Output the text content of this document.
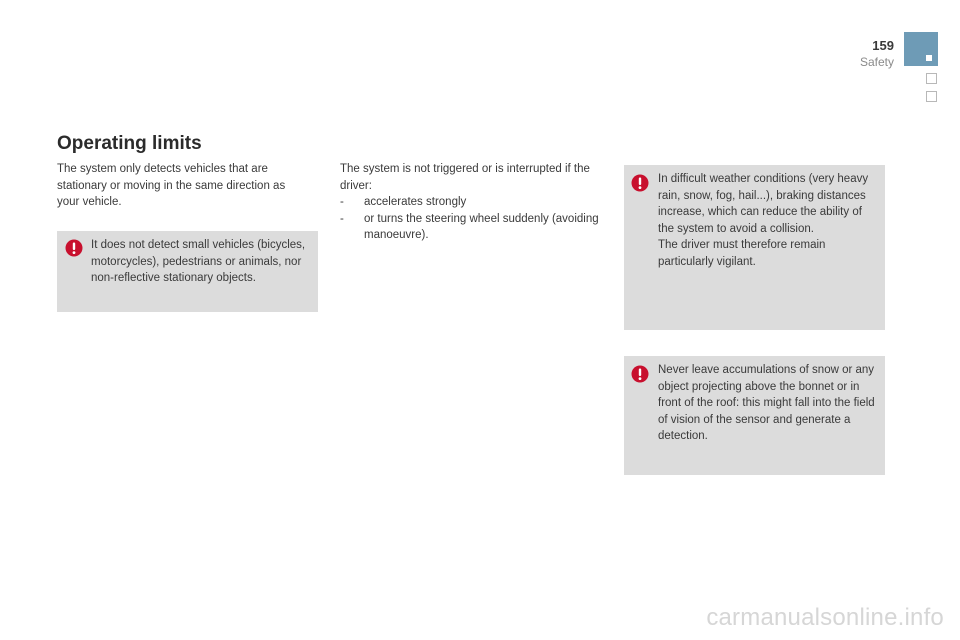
159
Safety
Operating limits
The system only detects vehicles that are stationary or moving in the same direction as your vehicle.
It does not detect small vehicles (bicycles, motorcycles), pedestrians or animals, nor non-reflective stationary objects.
The system is not triggered or is interrupted if the driver:
- accelerates strongly
- or turns the steering wheel suddenly (avoiding manoeuvre).
In difficult weather conditions (very heavy rain, snow, fog, hail...), braking distances increase, which can reduce the ability of the system to avoid a collision.
The driver must therefore remain particularly vigilant.
Never leave accumulations of snow or any object projecting above the bonnet or in front of the roof: this might fall into the field of vision of the sensor and generate a detection.
carmanualsonline.info
